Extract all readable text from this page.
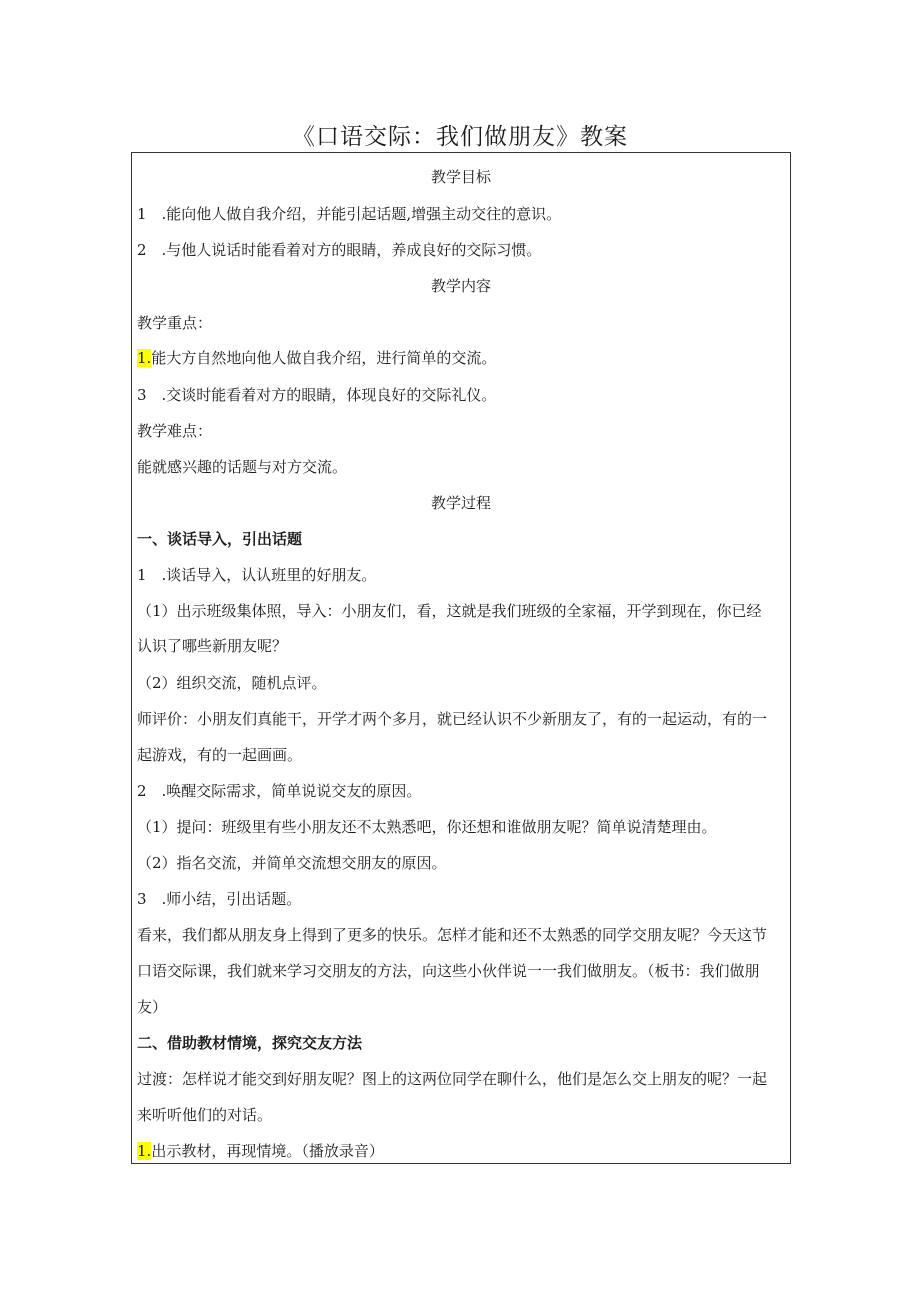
《口语交际：我们做朋友》教案
教学目标
1　.能向他人做自我介绍，并能引起话题,增强主动交往的意识。
2　.与他人说话时能看着对方的眼睛，养成良好的交际习惯。
教学内容
教学重点：
1.能大方自然地向他人做自我介绍，进行简单的交流。
3　.交谈时能看着对方的眼睛，体现良好的交际礼仪。
教学难点：
能就感兴趣的话题与对方交流。
教学过程
一、谈话导入，引出话题
1　.谈话导入，认认班里的好朋友。
（1）出示班级集体照，导入：小朋友们，看，这就是我们班级的全家福，开学到现在，你已经
认识了哪些新朋友呢？
（2）组织交流，随机点评。
师评价：小朋友们真能干，开学才两个多月，就已经认识不少新朋友了，有的一起运动，有的一
起游戏，有的一起画画。
2　.唤醒交际需求，简单说说交友的原因。
（1）提问：班级里有些小朋友还不太熟悉吧，你还想和谁做朋友呢？简单说清楚理由。
（2）指名交流，并简单交流想交朋友的原因。
3　.师小结，引出话题。
看来，我们都从朋友身上得到了更多的快乐。怎样才能和还不太熟悉的同学交朋友呢？今天这节
口语交际课，我们就来学习交朋友的方法，向这些小伙伴说一一我们做朋友。（板书：我们做朋
友）
二、借助教材情境，探究交友方法
过渡：怎样说才能交到好朋友呢？图上的这两位同学在聊什么，他们是怎么交上朋友的呢？一起
来听听他们的对话。
1.出示教材，再现情境。（播放录音）
